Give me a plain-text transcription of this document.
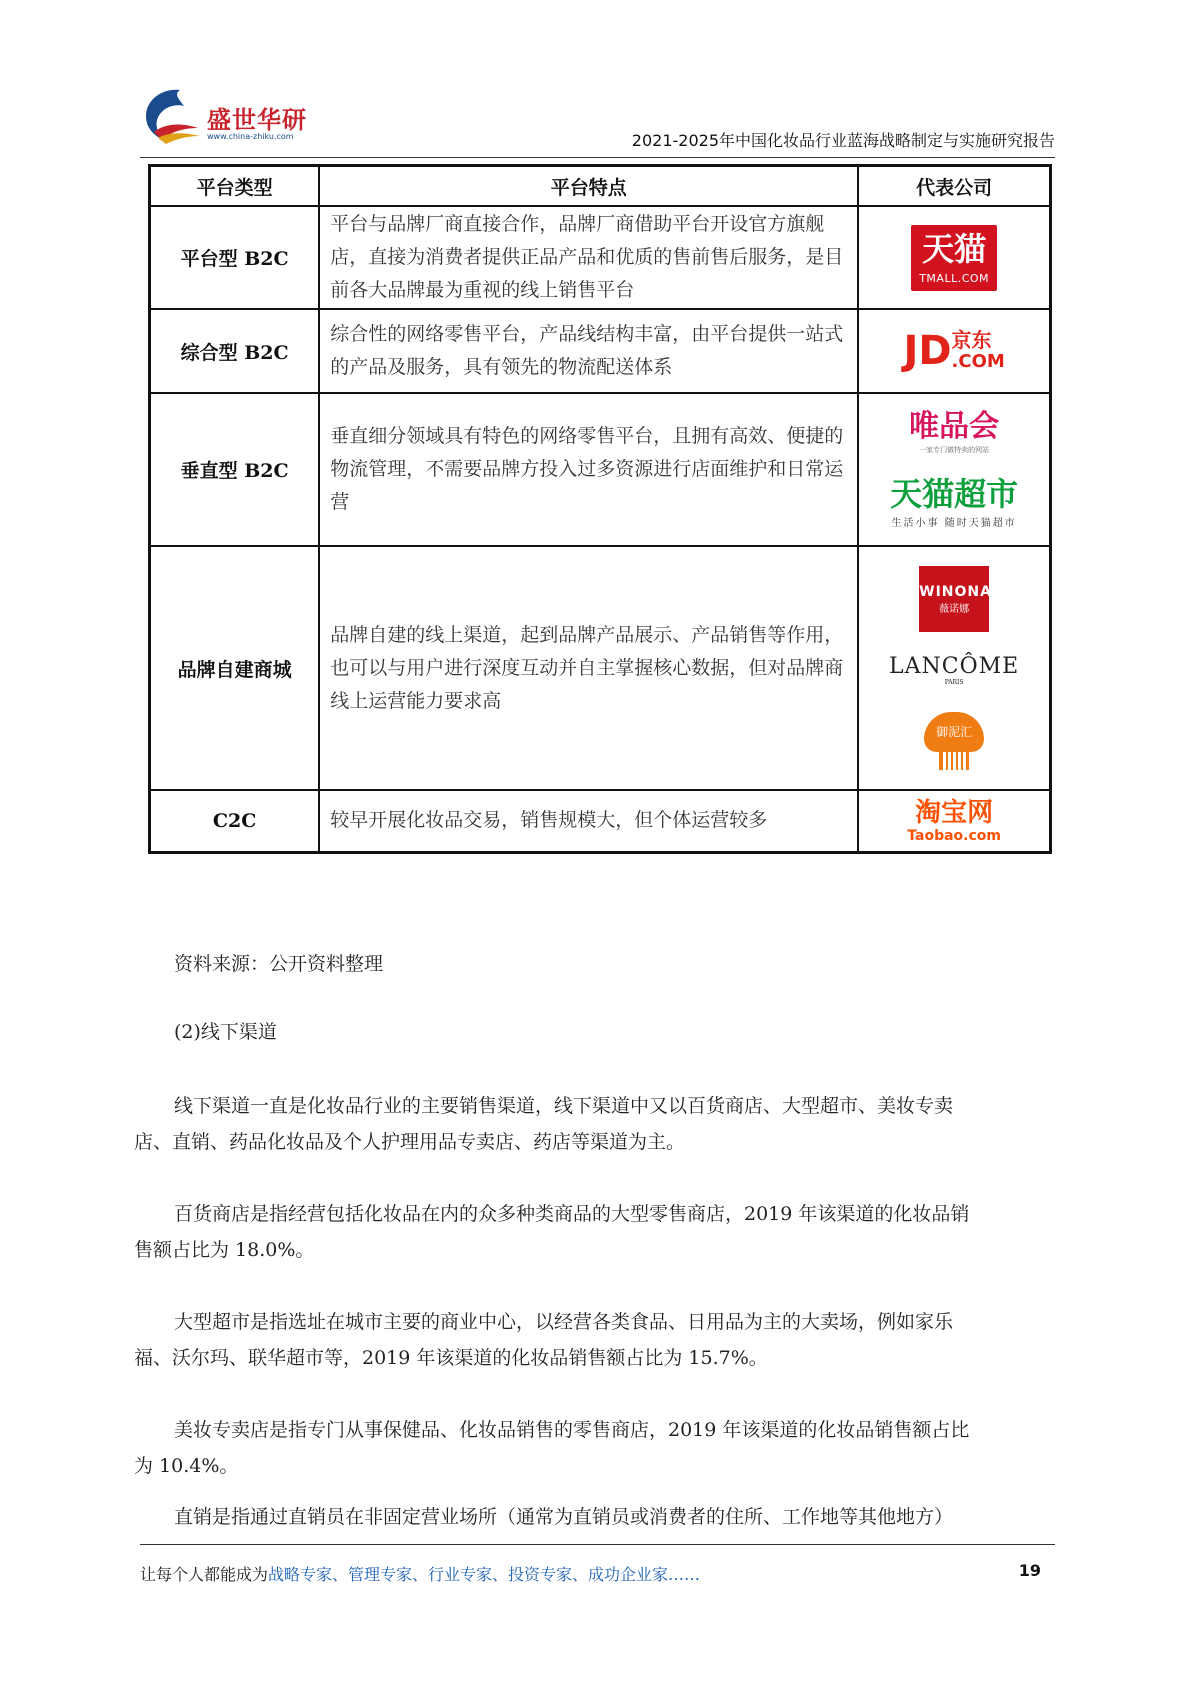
盛世华研
www.china-zhiku.com	2021-2025年中国化妆品行业蓝海战略制定与实施研究报告
平台类型	平台特点	代表公司
平台型 B2C	平台与品牌厂商直接合作，品牌厂商借助平台开设官方旗舰店，直接为消费者提供正品产品和优质的售前售后服务，是目前各大品牌最为重视的线上销售平台	天猫
TMALL.COM

综合型 B2C	综合性的网络零售平台，产品线结构丰富，由平台提供一站式的产品及服务，具有领先的物流配送体系	JD 京东
.COM

垂直型 B2C	垂直细分领域具有特色的网络零售平台，且拥有高效、便捷的物流管理，不需要品牌方投入过多资源进行店面维护和日常运营	唯品会
一家专门做特卖的网站
天猫超市
生活小事 随时天猫超市

品牌自建商城	品牌自建的线上渠道，起到品牌产品展示、产品销售等作用，也可以与用户进行深度互动并自主掌握核心数据，但对品牌商线上运营能力要求高	WINONA
薇诺娜
LANCÔME
PARIS
御泥汇

C2C	较早开展化妆品交易，销售规模大，但个体运营较多	淘宝网
Taobao.com

资料来源：公开资料整理

(2)线下渠道

线下渠道一直是化妆品行业的主要销售渠道，线下渠道中又以百货商店、大型超市、美妆专卖店、直销、药品化妆品及个人护理用品专卖店、药店等渠道为主。

百货商店是指经营包括化妆品在内的众多种类商品的大型零售商店，2019 年该渠道的化妆品销售额占比为 18.0%。

大型超市是指选址在城市主要的商业中心，以经营各类食品、日用品为主的大卖场，例如家乐福、沃尔玛、联华超市等，2019 年该渠道的化妆品销售额占比为 15.7%。

美妆专卖店是指专门从事保健品、化妆品销售的零售商店，2019 年该渠道的化妆品销售额占比为 10.4%。

直销是指通过直销员在非固定营业场所（通常为直销员或消费者的住所、工作地等其他地方）

让每个人都能成为战略专家、管理专家、行业专家、投资专家、成功企业家……	19
